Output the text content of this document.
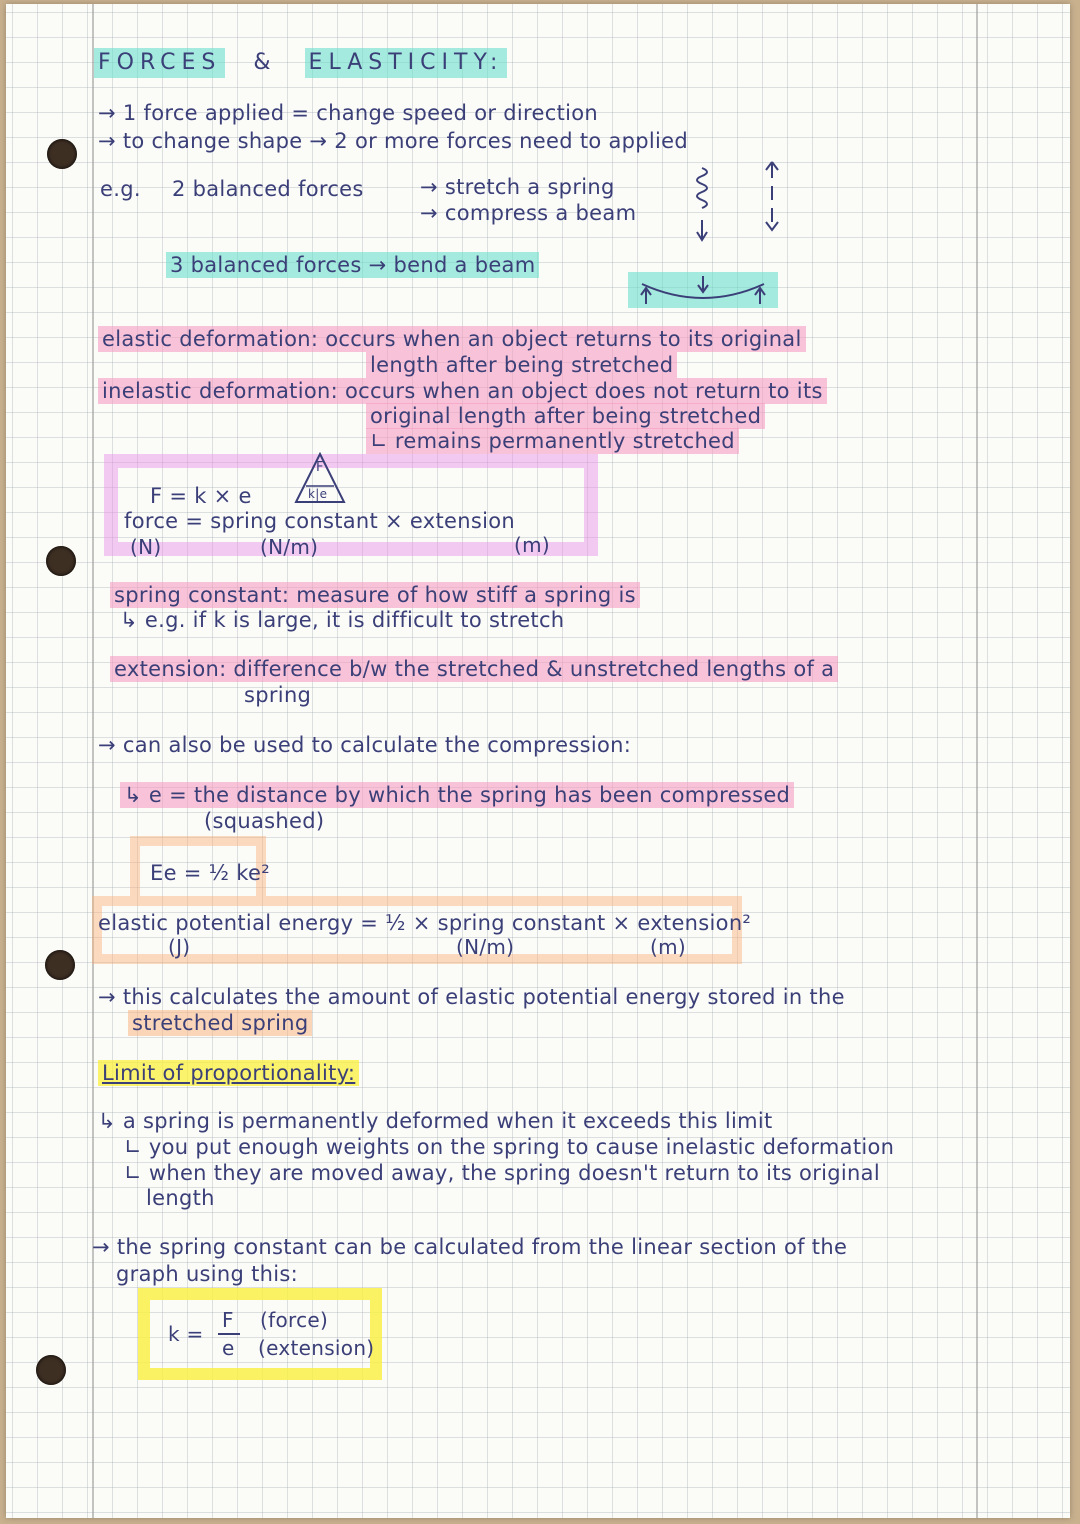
FORCES	&	ELASTICITY:
→ 1 force applied = change speed or direction
→ to change shape → 2 or more forces need to applied
e.g. 2 balanced forces	→ stretch a spring
→ compress a beam
3 balanced forces → bend a beam
elastic deformation: occurs when an object returns to its original
length after being stretched
inelastic deformation: occurs when an object does not return to its
original length after being stretched
∟ remains permanently stretched
F = k × e
F
k|e
force = spring constant × extension
(N)	(N/m)	(m)
spring constant: measure of how stiff a spring is
↳ e.g. if k is large, it is difficult to stretch
extension: difference b/w the stretched & unstretched lengths of a
spring
→ can also be used to calculate the compression:
↳ e = the distance by which the spring has been compressed
(squashed)
Ee = ½ ke²
elastic potential energy = ½ × spring constant × extension²
(J)	(N/m)	(m)
→ this calculates the amount of elastic potential energy stored in the
stretched spring
Limit of proportionality:
↳ a spring is permanently deformed when it exceeds this limit
∟ you put enough weights on the spring to cause inelastic deformation
∟ when they are moved away, the spring doesn't return to its original
length
→ the spring constant can be calculated from the linear section of the
graph using this:
k =
F
e
(force)
(extension)
